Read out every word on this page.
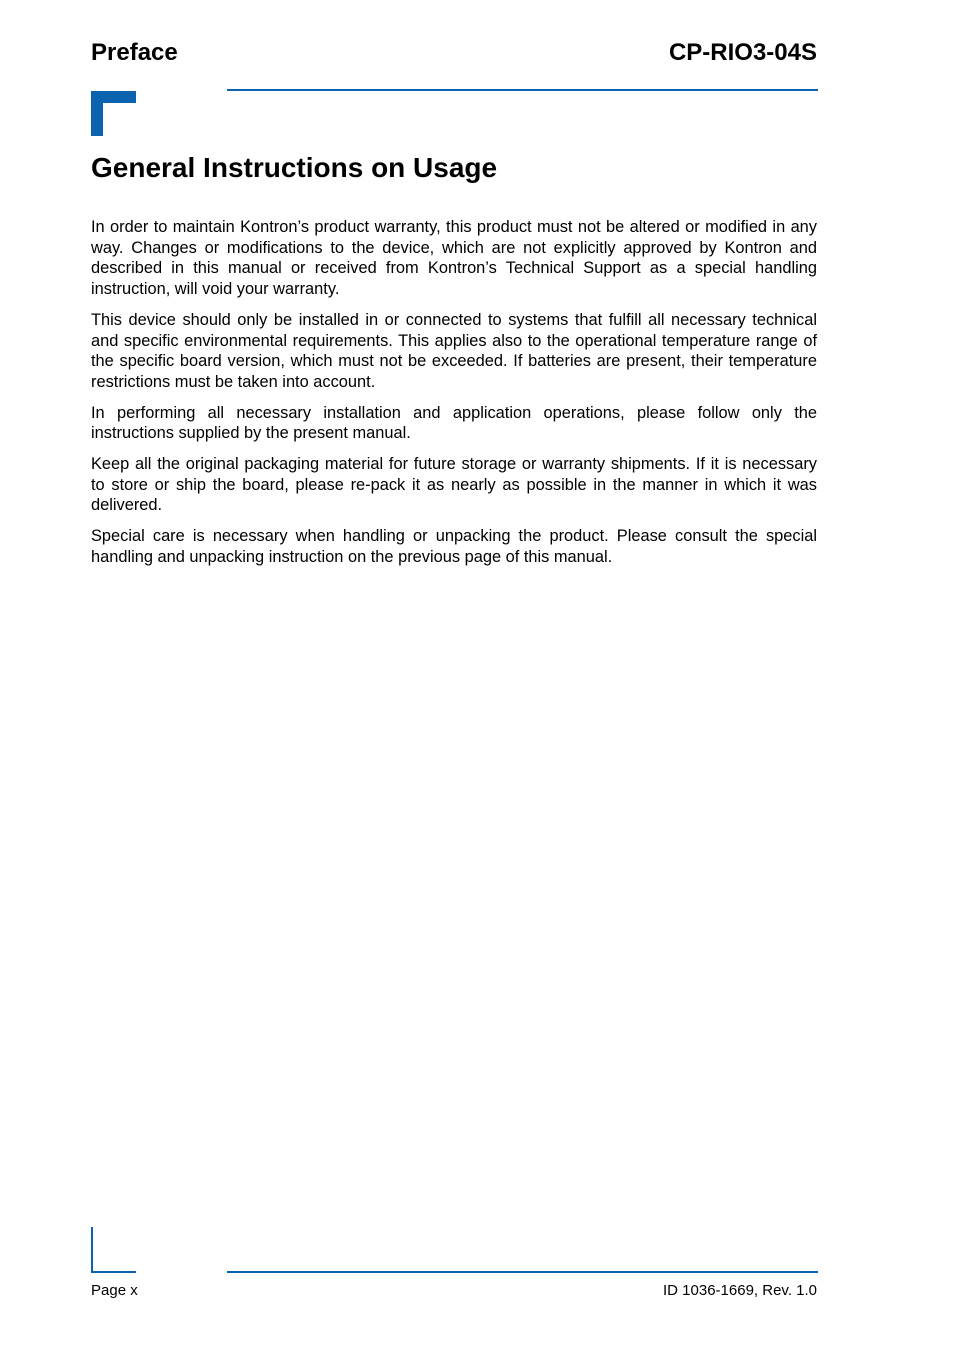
Preface	CP-RIO3-04S
General Instructions on Usage

In order to maintain Kontron’s product warranty, this product must not be altered or modified in any way. Changes or modifications to the device, which are not explicitly approved by Kontron and described in this manual or received from Kontron’s Technical Support as a special handling instruction, will void your warranty.

This device should only be installed in or connected to systems that fulfill all necessary technical and specific environmental requirements. This applies also to the operational temperature range of the specific board version, which must not be exceeded. If batteries are present, their temperature restrictions must be taken into account.

In performing all necessary installation and application operations, please follow only the instructions supplied by the present manual.

Keep all the original packaging material for future storage or warranty shipments. If it is necessary to store or ship the board, please re-pack it as nearly as possible in the manner in which it was delivered.

Special care is necessary when handling or unpacking the product. Please consult the special handling and unpacking instruction on the previous page of this manual.

Page x	ID 1036-1669, Rev. 1.0
